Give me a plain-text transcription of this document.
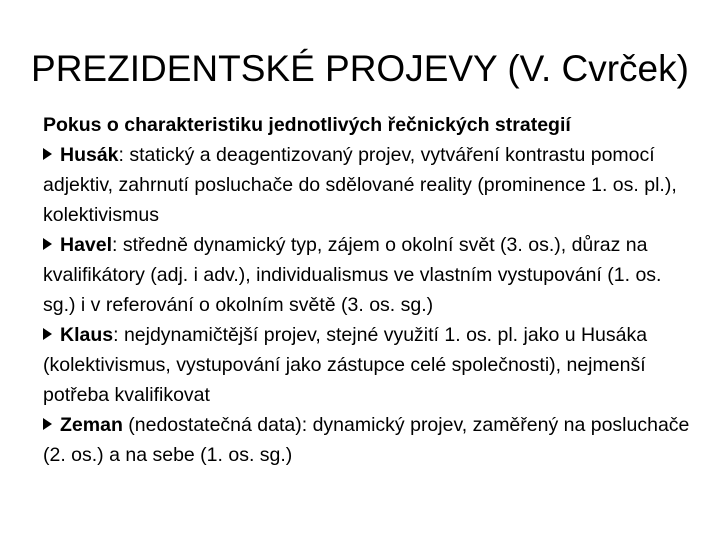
PREZIDENTSKÉ PROJEVY (V. Cvrček)

Pokus o charakteristiku jednotlivých řečnických strategií

Husák: statický a deagentizovaný projev, vytváření kontrastu pomocí adjektiv, zahrnutí posluchače do sdělované reality (prominence 1. os. pl.), kolektivismus

Havel: středně dynamický typ, zájem o okolní svět (3. os.), důraz na kvalifikátory (adj. i adv.), individualismus ve vlastním vystupování (1. os. sg.) i v referování o okolním světě (3. os. sg.)

Klaus: nejdynamičtější projev, stejné využití 1. os. pl. jako u Husáka (kolektivismus, vystupování jako zástupce celé společnosti), nejmenší potřeba kvalifikovat

Zeman (nedostatečná data): dynamický projev, zaměřený na posluchače (2. os.) a na sebe (1. os. sg.)
